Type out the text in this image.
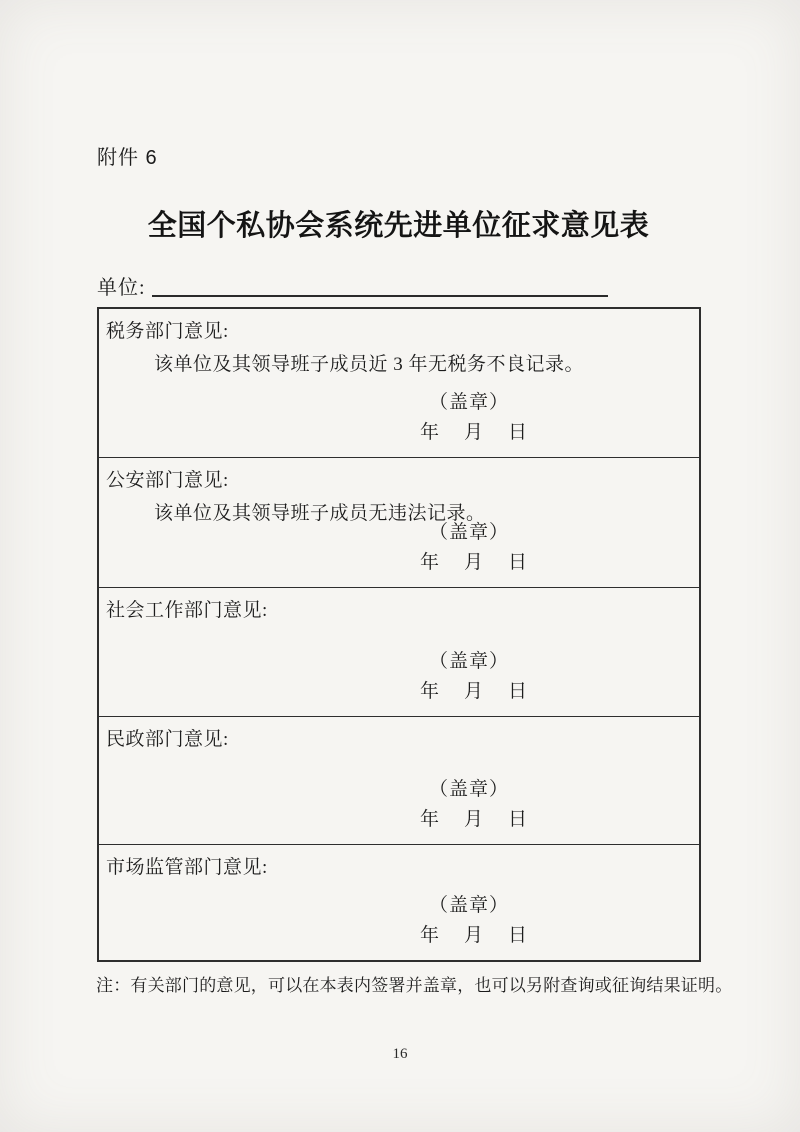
附件 6
全国个私协会系统先进单位征求意见表
单位:
税务部门意见:
该单位及其领导班子成员近 3 年无税务不良记录。
（盖章）
年　月　日
公安部门意见:
该单位及其领导班子成员无违法记录。
（盖章）
年　月　日
社会工作部门意见:
（盖章）
年　月　日
民政部门意见:
（盖章）
年　月　日
市场监管部门意见:
（盖章）
年　月　日
注：有关部门的意见，可以在本表内签署并盖章，也可以另附查询或征询结果证明。
16
